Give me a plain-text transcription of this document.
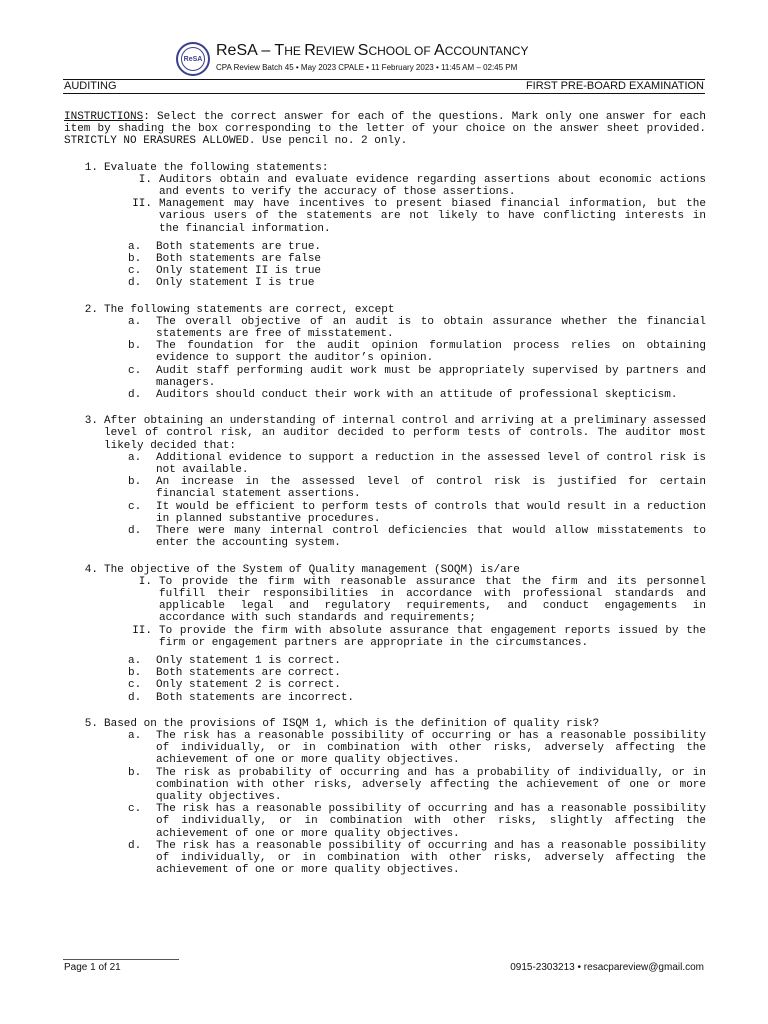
ReSA ReSA – THE REVIEW SCHOOL OF ACCOUNTANCY
CPA Review Batch 45 • May 2023 CPALE • 11 February 2023 • 11:45 AM – 02:45 PM
AUDITING	FIRST PRE-BOARD EXAMINATION
INSTRUCTIONS: Select the correct answer for each of the questions. Mark only one answer for each item by shading the box corresponding to the letter of your choice on the answer sheet provided. STRICTLY NO ERASURES ALLOWED. Use pencil no. 2 only.
1. Evaluate the following statements:
I. Auditors obtain and evaluate evidence regarding assertions about economic actions and events to verify the accuracy of those assertions.
II. Management may have incentives to present biased financial information, but the various users of the statements are not likely to have conflicting interests in the financial information.
a.	Both statements are true.
b.	Both statements are false
c.	Only statement II is true
d.	Only statement I is true
2. The following statements are correct, except
a.	The overall objective of an audit is to obtain assurance whether the financial statements are free of misstatement.
b.	The foundation for the audit opinion formulation process relies on obtaining evidence to support the auditor’s opinion.
c.	Audit staff performing audit work must be appropriately supervised by partners and managers.
d.	Auditors should conduct their work with an attitude of professional skepticism.
3. After obtaining an understanding of internal control and arriving at a preliminary assessed level of control risk, an auditor decided to perform tests of controls. The auditor most likely decided that:
a.	Additional evidence to support a reduction in the assessed level of control risk is not available.
b.	An increase in the assessed level of control risk is justified for certain financial statement assertions.
c.	It would be efficient to perform tests of controls that would result in a reduction in planned substantive procedures.
d.	There were many internal control deficiencies that would allow misstatements to enter the accounting system.
4. The objective of the System of Quality management (SOQM) is/are
I. To provide the firm with reasonable assurance that the firm and its personnel fulfill their responsibilities in accordance with professional standards and applicable legal and regulatory requirements, and conduct engagements in accordance with such standards and requirements;
II. To provide the firm with absolute assurance that engagement reports issued by the firm or engagement partners are appropriate in the circumstances.
a.	Only statement 1 is correct.
b.	Both statements are correct.
c.	Only statement 2 is correct.
d.	Both statements are incorrect.
5. Based on the provisions of ISQM 1, which is the definition of quality risk?
a.	The risk has a reasonable possibility of occurring or has a reasonable possibility of individually, or in combination with other risks, adversely affecting the achievement of one or more quality objectives.
b.	The risk as probability of occurring and has a probability of individually, or in combination with other risks, adversely affecting the achievement of one or more quality objectives.
c.	The risk has a reasonable possibility of occurring and has a reasonable possibility of individually, or in combination with other risks, slightly affecting the achievement of one or more quality objectives.
d.	The risk has a reasonable possibility of occurring and has a reasonable possibility of individually, or in combination with other risks, adversely affecting the achievement of one or more quality objectives.
Page 1 of 21	0915-2303213 • resacpareview@gmail.com
